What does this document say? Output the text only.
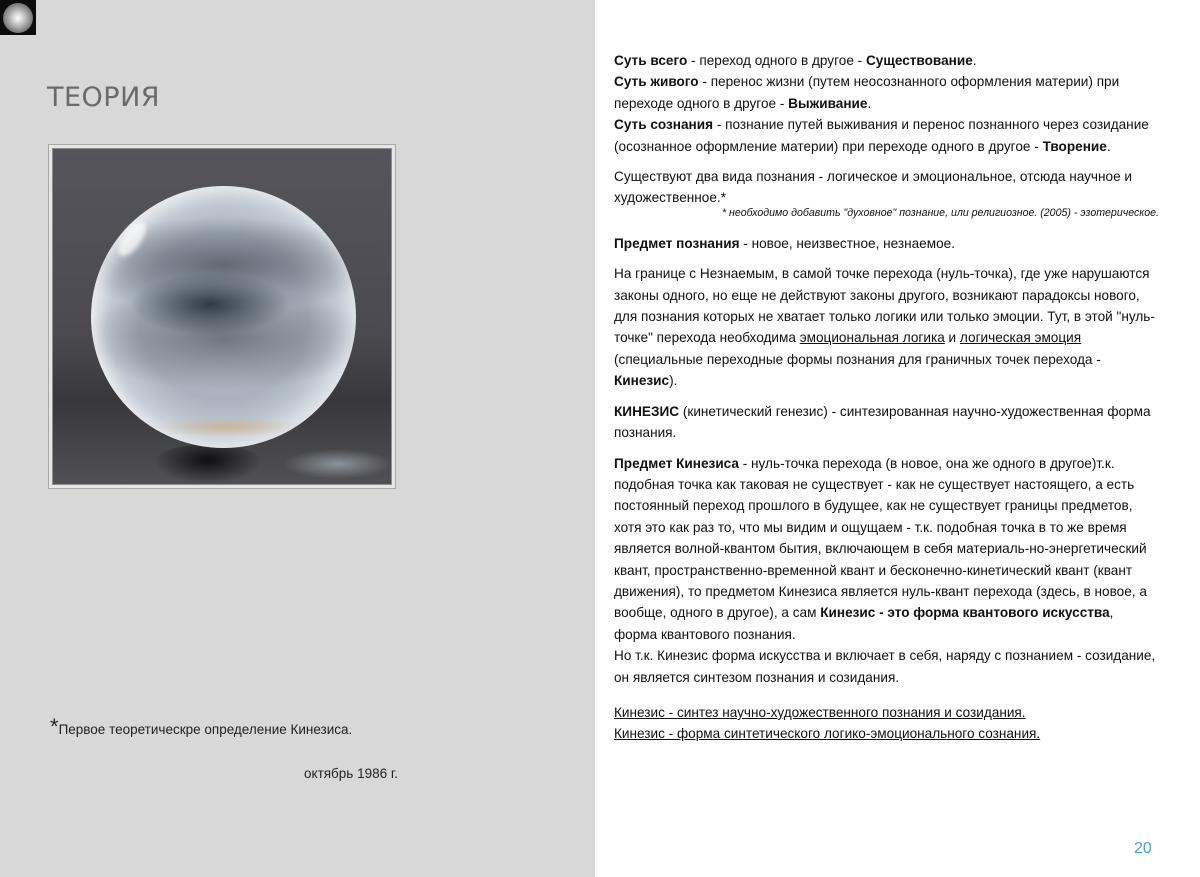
ТЕОРИЯ
*Первое теоретическре определение Кинезиса.
октябрь 1986 г.

Суть всего - переход одного в другое - Существование.
Суть живого - перенос жизни (путем неосознанного оформления материи) при переходе одного в другое - Выживание.
Суть сознания - познание путей выживания и перенос познанного через созидание (осознанное оформление материи) при переходе одного в другое - Творение.

Существуют два вида познания - логическое и эмоциональное, отсюда научное и художественное.*

* необходимо добавить "духовное" познание, или религиозное. (2005) - эзотерическое.

Предмет познания - новое, неизвестное, незнаемое.

На границе с Незнаемым, в самой точке перехода (нуль-точка), где уже нарушаются законы одного, но еще не действуют законы другого, возникают парадоксы нового, для познания которых не хватает только логики или только эмоции. Тут, в этой "нуль-точке" перехода необходима эмоциональная логика и логическая эмоция (специальные переходные формы познания для граничных точек перехода - Кинезис).

КИНЕЗИС (кинетический генезис) - синтезированная научно-художественная форма познания.

Предмет Кинезиса - нуль-точка перехода (в новое, она же одного в другое)т.к. подобная точка как таковая не существует - как не существует настоящего, а есть постоянный переход прошлого в будущее, как не существует границы предметов, хотя это как раз то, что мы видим и ощущаем - т.к. подобная точка в то же время является волной-квантом бытия, включающем в себя материаль-но-энергетический квант, пространственно-временной квант и бесконечно-кинетический квант (квант движения), то предметом Кинезиса является нуль-квант перехода (здесь, в новое, а вообще, одного в другое), а сам Кинезис - это форма квантового искусства, форма квантового познания.
Но т.к. Кинезис форма искусства и включает в себя, наряду с познанием - созидание, он является синтезом познания и созидания.

Кинезис - синтез научно-художественного познания и созидания.

Кинезис - форма синтетического логико-эмоционального сознания.

20
